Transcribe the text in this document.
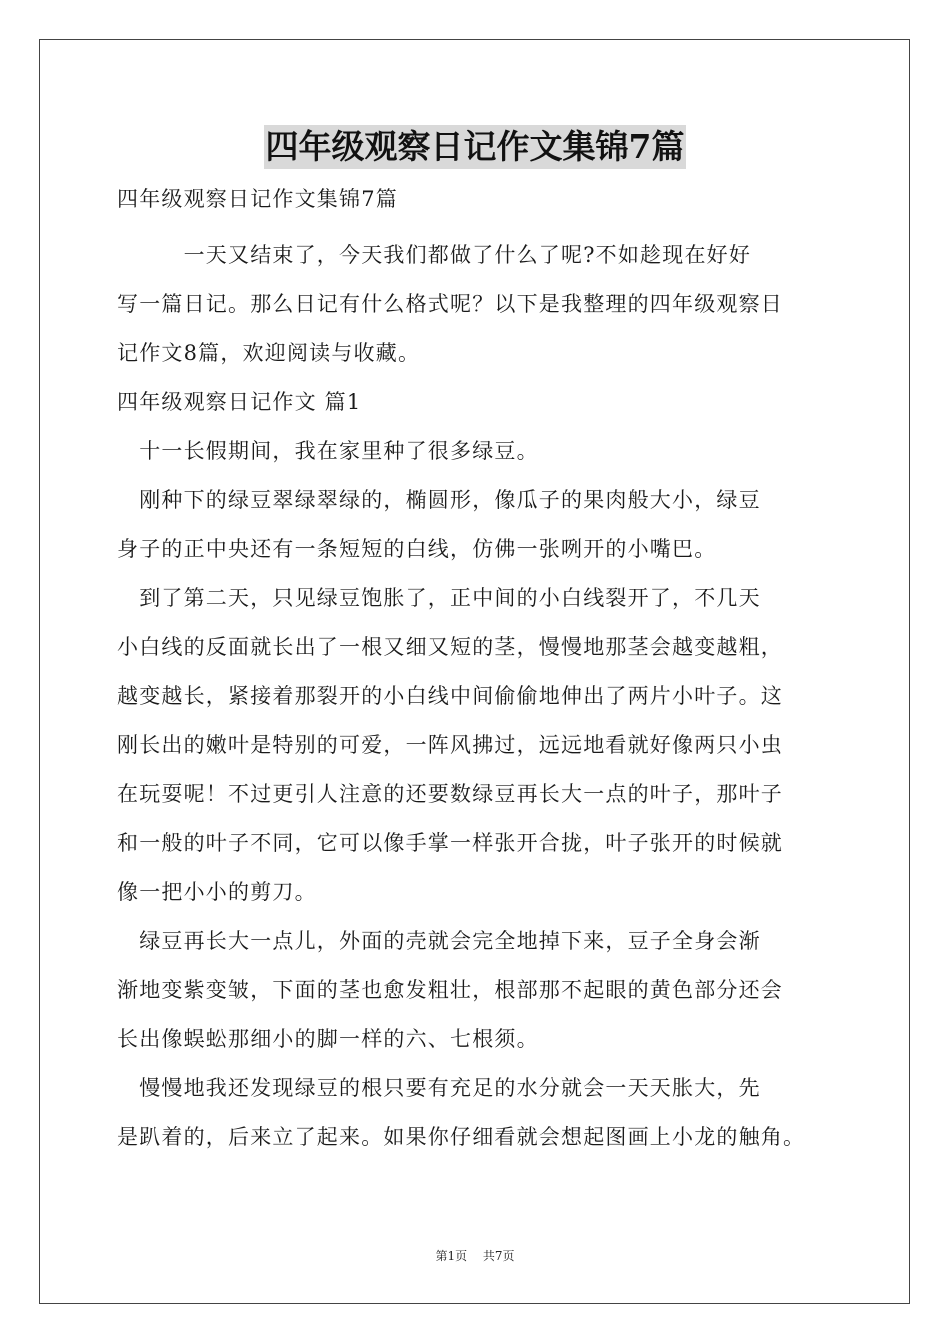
四年级观察日记作文集锦7篇

四年级观察日记作文集锦7篇

　　　一天又结束了，今天我们都做了什么了呢?不如趁现在好好

写一篇日记。那么日记有什么格式呢？以下是我整理的四年级观察日

记作文8篇，欢迎阅读与收藏。

四年级观察日记作文 篇1

　十一长假期间，我在家里种了很多绿豆。

　刚种下的绿豆翠绿翠绿的，椭圆形，像瓜子的果肉般大小，绿豆

身子的正中央还有一条短短的白线，仿佛一张咧开的小嘴巴。

　到了第二天，只见绿豆饱胀了，正中间的小白线裂开了，不几天

小白线的反面就长出了一根又细又短的茎，慢慢地那茎会越变越粗，

越变越长，紧接着那裂开的小白线中间偷偷地伸出了两片小叶子。这

刚长出的嫩叶是特别的可爱，一阵风拂过，远远地看就好像两只小虫

在玩耍呢！不过更引人注意的还要数绿豆再长大一点的叶子，那叶子

和一般的叶子不同，它可以像手掌一样张开合拢，叶子张开的时候就

像一把小小的剪刀。

　绿豆再长大一点儿，外面的壳就会完全地掉下来，豆子全身会渐

渐地变紫变皱，下面的茎也愈发粗壮，根部那不起眼的黄色部分还会

长出像蜈蚣那细小的脚一样的六、七根须。

　慢慢地我还发现绿豆的根只要有充足的水分就会一天天胀大，先

是趴着的，后来立了起来。如果你仔细看就会想起图画上小龙的触角。

第1页 共7页
